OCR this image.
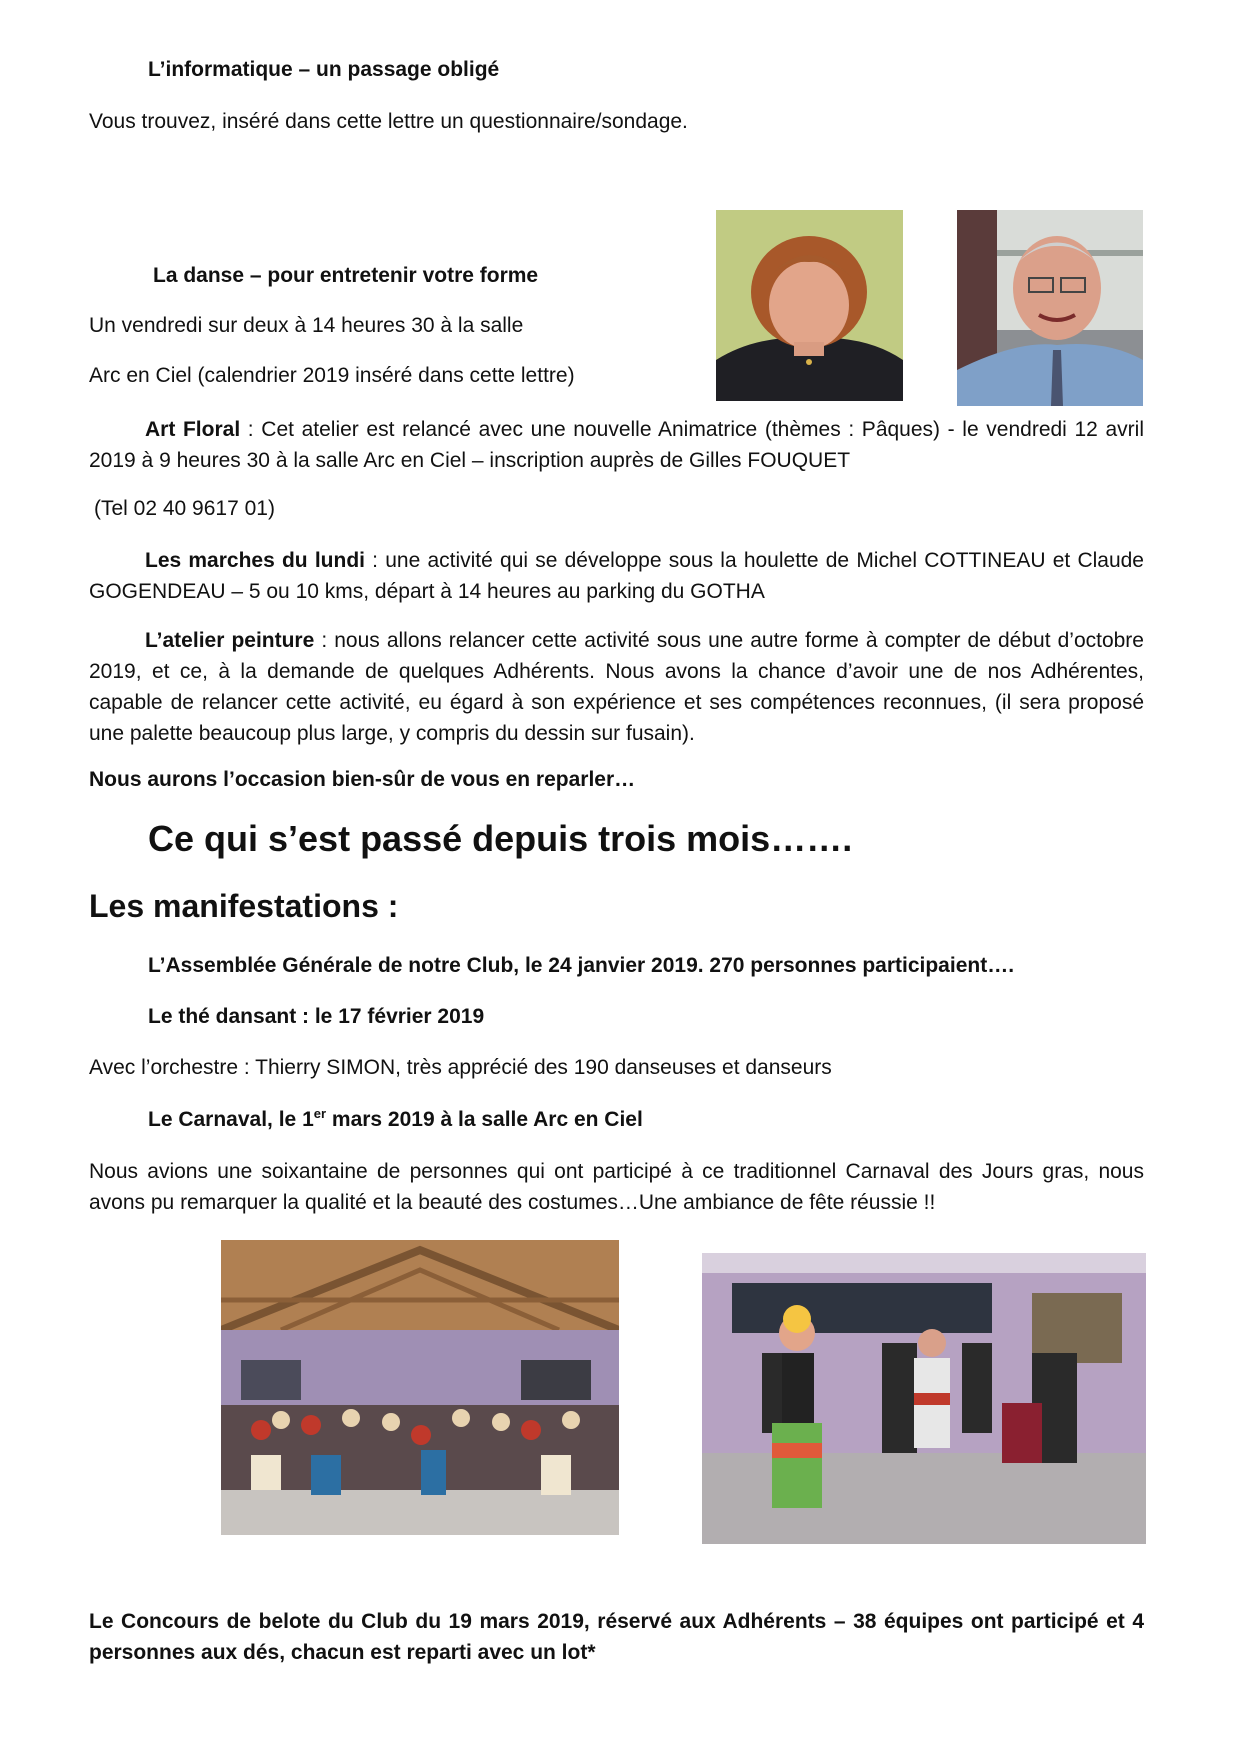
L’informatique – un passage obligé
Vous trouvez, inséré dans cette lettre un questionnaire/sondage.
La danse – pour entretenir votre forme
Un vendredi sur deux à 14 heures 30 à la salle
Arc en Ciel (calendrier 2019 inséré dans cette lettre)
Art Floral : Cet atelier est relancé avec une nouvelle Animatrice (thèmes : Pâques) - le vendredi 12 avril 2019 à 9 heures 30 à la salle Arc en Ciel – inscription auprès de Gilles FOUQUET
(Tel 02 40 9617 01)
Les marches du lundi : une activité qui se développe sous la houlette de Michel COTTINEAU et Claude GOGENDEAU – 5 ou 10 kms, départ à 14 heures au parking du GOTHA
L’atelier peinture : nous allons relancer cette activité sous une autre forme à compter de début d’octobre 2019, et ce, à la demande de quelques Adhérents. Nous avons la chance d’avoir une de nos Adhérentes, capable de relancer cette activité, eu égard à son expérience et ses compétences reconnues, (il sera proposé une palette beaucoup plus large, y compris du dessin sur fusain).
Nous aurons l’occasion bien-sûr de vous en reparler…
Ce qui s’est passé depuis trois mois…….
Les manifestations :
L’Assemblée Générale de notre Club, le 24 janvier 2019. 270 personnes participaient….
Le thé dansant : le 17 février 2019
Avec l’orchestre : Thierry SIMON, très apprécié des 190 danseuses et danseurs
Le Carnaval, le 1er mars 2019 à la salle Arc en Ciel
Nous avions une soixantaine de personnes qui ont participé à ce traditionnel Carnaval des Jours gras, nous avons pu remarquer la qualité et la beauté des costumes…Une ambiance de fête réussie !!
Le Concours de belote du Club du 19 mars 2019, réservé aux Adhérents – 38 équipes ont participé et 4 personnes aux dés, chacun est reparti avec un lot*
